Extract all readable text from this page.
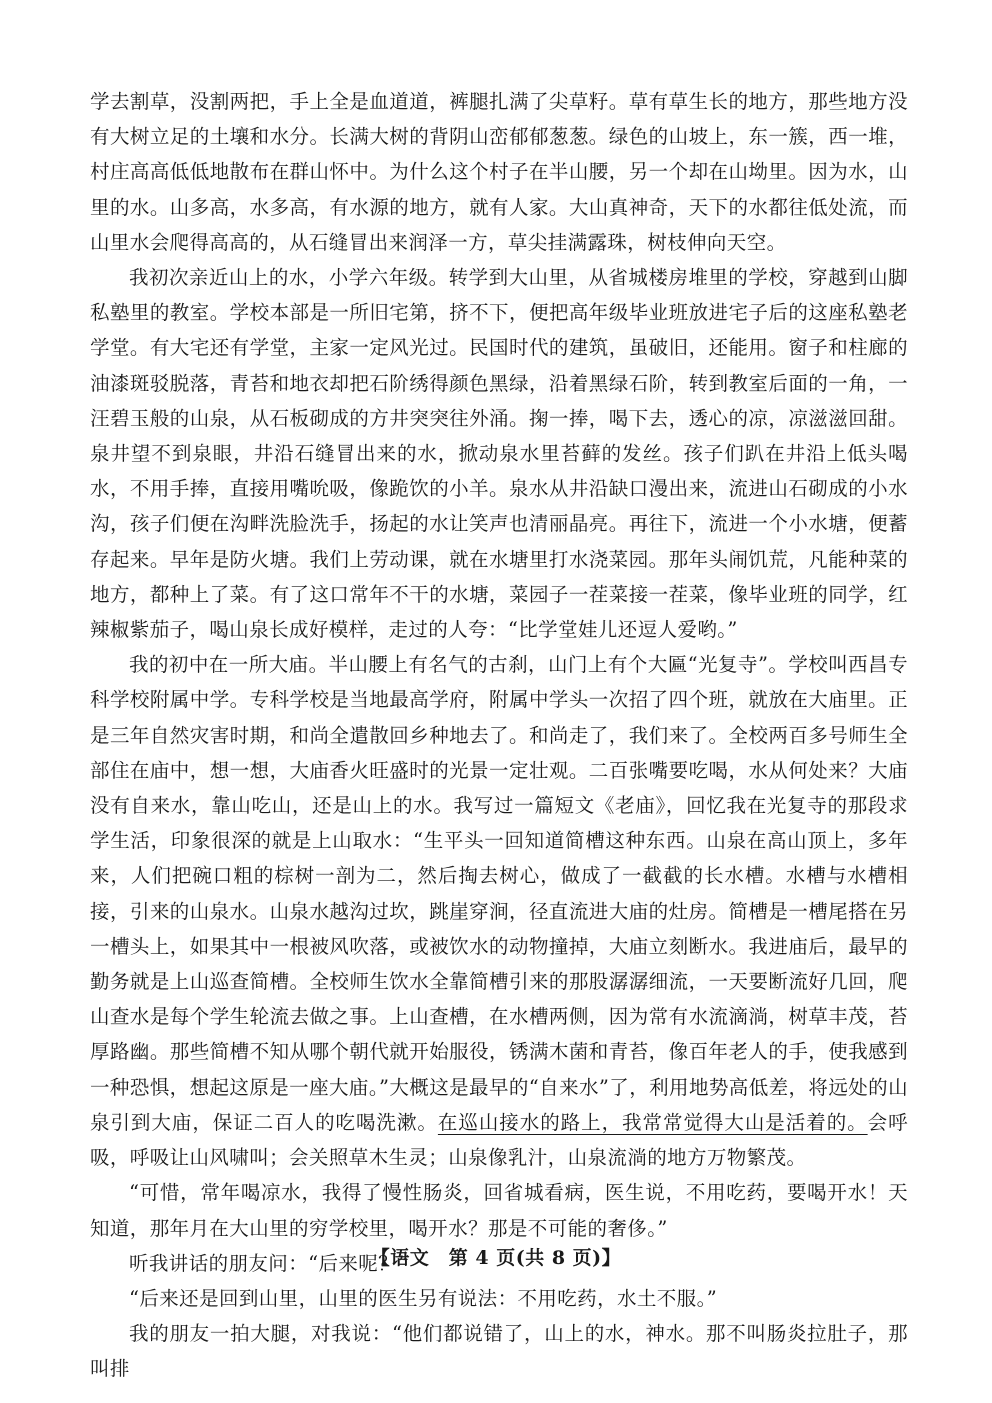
学去割草，没割两把，手上全是血道道，裤腿扎满了尖草籽。草有草生长的地方，那些地方没有大树立足的土壤和水分。长满大树的背阴山峦郁郁葱葱。绿色的山坡上，东一簇，西一堆，村庄高高低低地散布在群山怀中。为什么这个村子在半山腰，另一个却在山坳里。因为水，山里的水。山多高，水多高，有水源的地方，就有人家。大山真神奇，天下的水都往低处流，而山里水会爬得高高的，从石缝冒出来润泽一方，草尖挂满露珠，树枝伸向天空。

我初次亲近山上的水，小学六年级。转学到大山里，从省城楼房堆里的学校，穿越到山脚私塾里的教室。学校本部是一所旧宅第，挤不下，便把高年级毕业班放进宅子后的这座私塾老学堂。有大宅还有学堂，主家一定风光过。民国时代的建筑，虽破旧，还能用。窗子和柱廊的油漆斑驳脱落，青苔和地衣却把石阶绣得颜色黑绿，沿着黑绿石阶，转到教室后面的一角，一汪碧玉般的山泉，从石板砌成的方井突突往外涌。掬一捧，喝下去，透心的凉，凉滋滋回甜。泉井望不到泉眼，井沿石缝冒出来的水，掀动泉水里苔藓的发丝。孩子们趴在井沿上低头喝水，不用手捧，直接用嘴吮吸，像跪饮的小羊。泉水从井沿缺口漫出来，流进山石砌成的小水沟，孩子们便在沟畔洗脸洗手，扬起的水让笑声也清丽晶亮。再往下，流进一个小水塘，便蓄存起来。早年是防火塘。我们上劳动课，就在水塘里打水浇菜园。那年头闹饥荒，凡能种菜的地方，都种上了菜。有了这口常年不干的水塘，菜园子一茬菜接一茬菜，像毕业班的同学，红辣椒紫茄子，喝山泉长成好模样，走过的人夸：“比学堂娃儿还逗人爱哟。”

我的初中在一所大庙。半山腰上有名气的古刹，山门上有个大匾“光复寺”。学校叫西昌专科学校附属中学。专科学校是当地最高学府，附属中学头一次招了四个班，就放在大庙里。正是三年自然灾害时期，和尚全遣散回乡种地去了。和尚走了，我们来了。全校两百多号师生全部住在庙中，想一想，大庙香火旺盛时的光景一定壮观。二百张嘴要吃喝，水从何处来？大庙没有自来水，靠山吃山，还是山上的水。我写过一篇短文《老庙》，回忆我在光复寺的那段求学生活，印象很深的就是上山取水：“生平头一回知道简槽这种东西。山泉在高山顶上，多年来，人们把碗口粗的棕树一剖为二，然后掏去树心，做成了一截截的长水槽。水槽与水槽相接，引来的山泉水。山泉水越沟过坎，跳崖穿涧，径直流进大庙的灶房。简槽是一槽尾搭在另一槽头上，如果其中一根被风吹落，或被饮水的动物撞掉，大庙立刻断水。我进庙后，最早的勤务就是上山巡查简槽。全校师生饮水全靠简槽引来的那股潺潺细流，一天要断流好几回，爬山查水是每个学生轮流去做之事。上山查槽，在水槽两侧，因为常有水流滴淌，树草丰茂，苔厚路幽。那些简槽不知从哪个朝代就开始服役，锈满木菌和青苔，像百年老人的手，使我感到一种恐惧，想起这原是一座大庙。”大概这是最早的“自来水”了，利用地势高低差，将远处的山泉引到大庙，保证二百人的吃喝洗漱。在巡山接水的路上，我常常觉得大山是活着的。会呼吸，呼吸让山风啸叫；会关照草木生灵；山泉像乳汁，山泉流淌的地方万物繁茂。

“可惜，常年喝凉水，我得了慢性肠炎，回省城看病，医生说，不用吃药，要喝开水！天知道，那年月在大山里的穷学校里，喝开水？那是不可能的奢侈。”

听我讲话的朋友问：“后来呢？”

“后来还是回到山里，山里的医生另有说法：不用吃药，水土不服。”

我的朋友一拍大腿，对我说：“他们都说错了，山上的水，神水。那不叫肠炎拉肚子，那叫排

【语文　第 4 页(共 8 页)】
